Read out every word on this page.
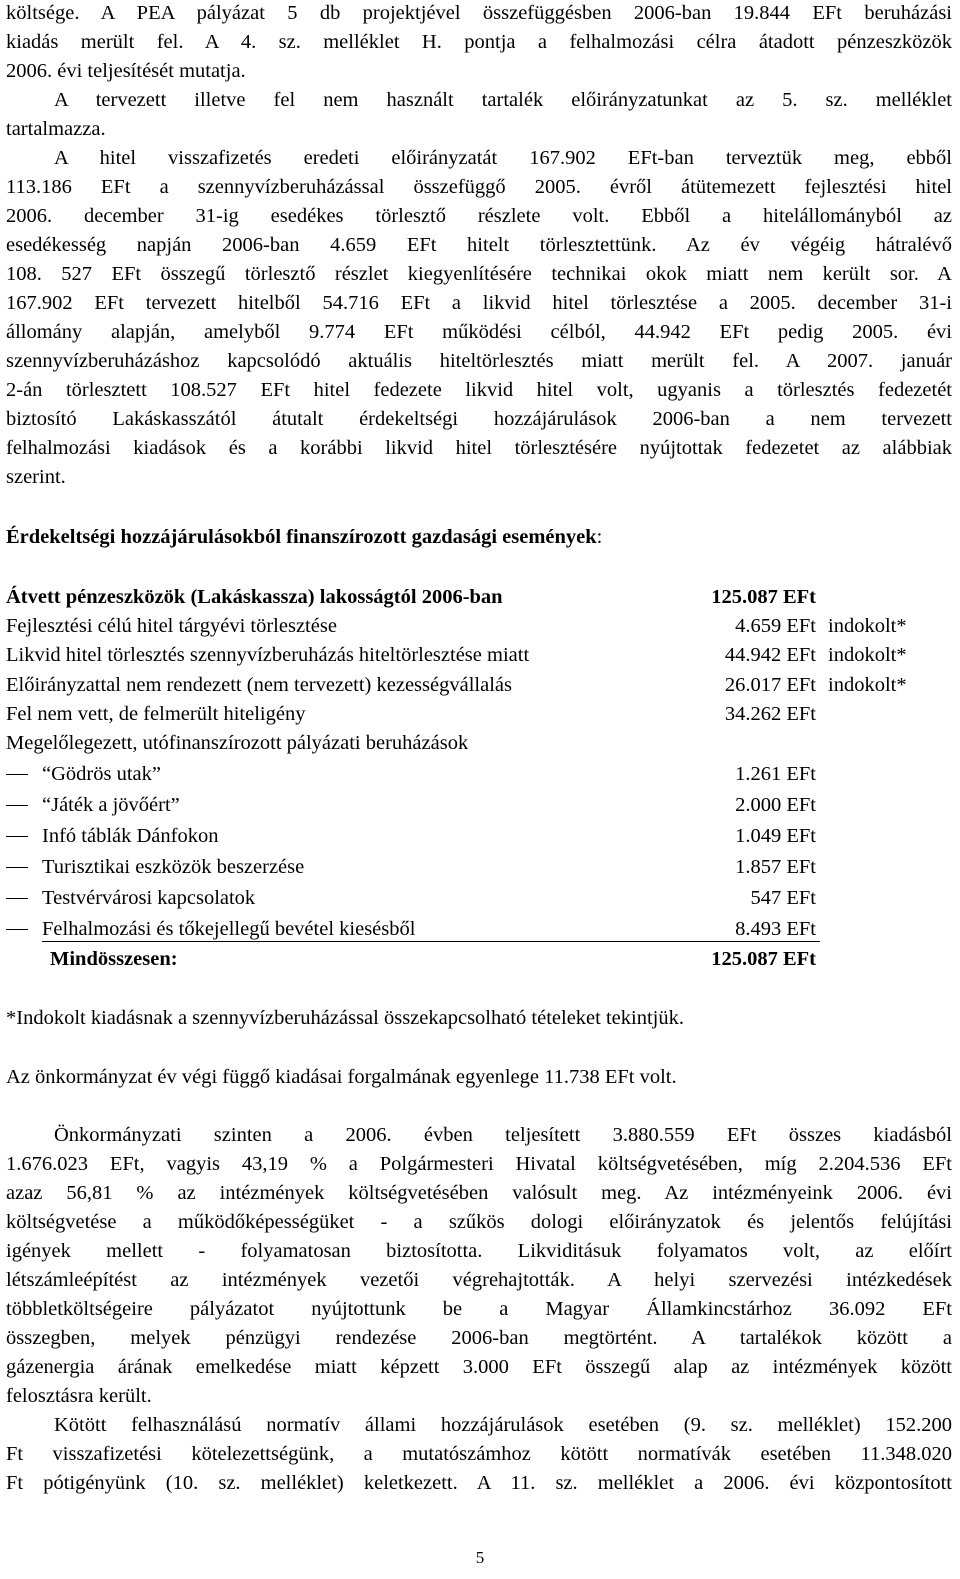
költsége. A PEA pályázat 5 db projektjével összefüggésben 2006-ban 19.844 EFt beruházási
kiadás merült fel. A 4. sz. melléklet H. pontja a felhalmozási célra átadott pénzeszközök
2006. évi teljesítését mutatja.
A tervezett illetve fel nem használt tartalék előirányzatunkat az 5. sz. melléklet
tartalmazza.
A hitel visszafizetés eredeti előirányzatát 167.902 EFt-ban terveztük meg, ebből
113.186 EFt a szennyvízberuházással összefüggő 2005. évről átütemezett fejlesztési hitel
2006. december 31-ig esedékes törlesztő részlete volt. Ebből a hitelállományból az
esedékesség napján 2006-ban 4.659 EFt hitelt törlesztettünk. Az év végéig hátralévő
108. 527 EFt összegű törlesztő részlet kiegyenlítésére technikai okok miatt nem került sor. A
167.902 EFt tervezett hitelből 54.716 EFt a likvid hitel törlesztése a 2005. december 31-i
állomány alapján, amelyből 9.774 EFt működési célból, 44.942 EFt pedig 2005. évi
szennyvízberuházáshoz kapcsolódó aktuális hiteltörlesztés miatt merült fel. A 2007. január
2-án törlesztett 108.527 EFt hitel fedezete likvid hitel volt, ugyanis a törlesztés fedezetét
biztosító Lakáskasszától átutalt érdekeltségi hozzájárulások 2006-ban a nem tervezett
felhalmozási kiadások és a korábbi likvid hitel törlesztésére nyújtottak fedezetet az alábbiak
szerint.
Érdekeltségi hozzájárulásokból finanszírozott gazdasági események:
Átvett pénzeszközök (Lakáskassza) lakosságtól 2006-ban	125.087 EFt
Fejlesztési célú hitel tárgyévi törlesztése	4.659 EFt indokolt*
Likvid hitel törlesztés szennyvízberuházás hiteltörlesztése miatt	44.942 EFt indokolt*
Előirányzattal nem rendezett (nem tervezett) kezességvállalás	26.017 EFt indokolt*
Fel nem vett, de felmerült hiteligény	34.262 EFt
Megelőlegezett, utófinanszírozott pályázati beruházások
“Gödrös utak”	1.261 EFt
“Játék a jövőért”	2.000 EFt
Infó táblák Dánfokon	1.049 EFt
Turisztikai eszközök beszerzése	1.857 EFt
Testvérvárosi kapcsolatok	547 EFt
Felhalmozási és tőkejellegű bevétel kiesésből	8.493 EFt
Mindösszesen:	125.087 EFt
*Indokolt kiadásnak a szennyvízberuházással összekapcsolható tételeket tekintjük.
Az önkormányzat év végi függő kiadásai forgalmának egyenlege 11.738 EFt volt.
Önkormányzati szinten a 2006. évben teljesített 3.880.559 EFt összes kiadásból
1.676.023 EFt, vagyis 43,19 % a Polgármesteri Hivatal költségvetésében, míg 2.204.536 EFt
azaz 56,81 % az intézmények költségvetésében valósult meg. Az intézményeink 2006. évi
költségvetése a működőképességüket - a szűkös dologi előirányzatok és jelentős felújítási
igények mellett - folyamatosan biztosította. Likviditásuk folyamatos volt, az előírt
létszámleépítést az intézmények vezetői végrehajtották. A helyi szervezési intézkedések
többletköltségeire pályázatot nyújtottunk be a Magyar Államkincstárhoz 36.092 EFt
összegben, melyek pénzügyi rendezése 2006-ban megtörtént. A tartalékok között a
gázenergia árának emelkedése miatt képzett 3.000 EFt összegű alap az intézmények között
felosztásra került.
Kötött felhasználású normatív állami hozzájárulások esetében (9. sz. melléklet) 152.200
Ft visszafizetési kötelezettségünk, a mutatószámhoz kötött normatívák esetében 11.348.020
Ft pótigényünk (10. sz. melléklet) keletkezett. A 11. sz. melléklet a 2006. évi központosított
5
